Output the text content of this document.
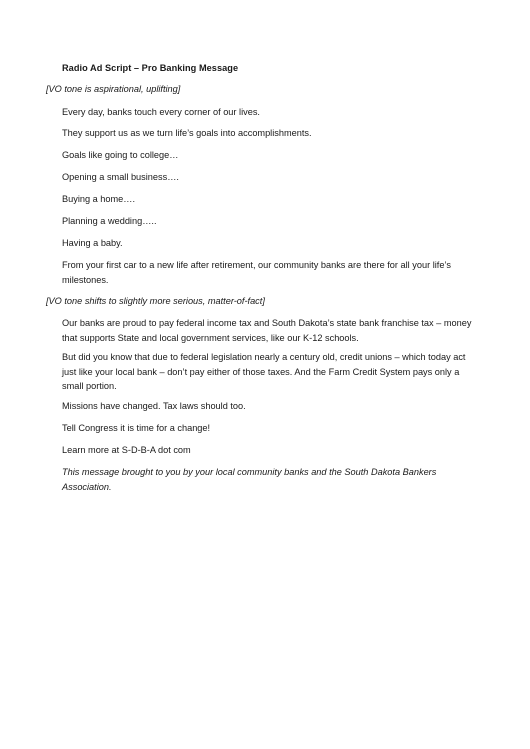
Radio Ad Script – Pro Banking Message
[VO tone is aspirational, uplifting]
Every day, banks touch every corner of our lives.
They support us as we turn life’s goals into accomplishments.
Goals like going to college…
Opening a small business….
Buying a home….
Planning a wedding…..
Having a baby.
From your first car to a new life after retirement, our community banks are there for all your life’s milestones.
[VO tone shifts to slightly more serious, matter-of-fact]
Our banks are proud to pay federal income tax and South Dakota’s state bank franchise tax – money that supports State and local government services, like our K-12 schools.
But did you know that due to federal legislation nearly a century old, credit unions – which today act just like your local bank – don’t pay either of those taxes. And the Farm Credit System pays only a small portion.
Missions have changed. Tax laws should too.
Tell Congress it is time for a change!
Learn more at S-D-B-A dot com
This message brought to you by your local community banks and the South Dakota Bankers Association.
